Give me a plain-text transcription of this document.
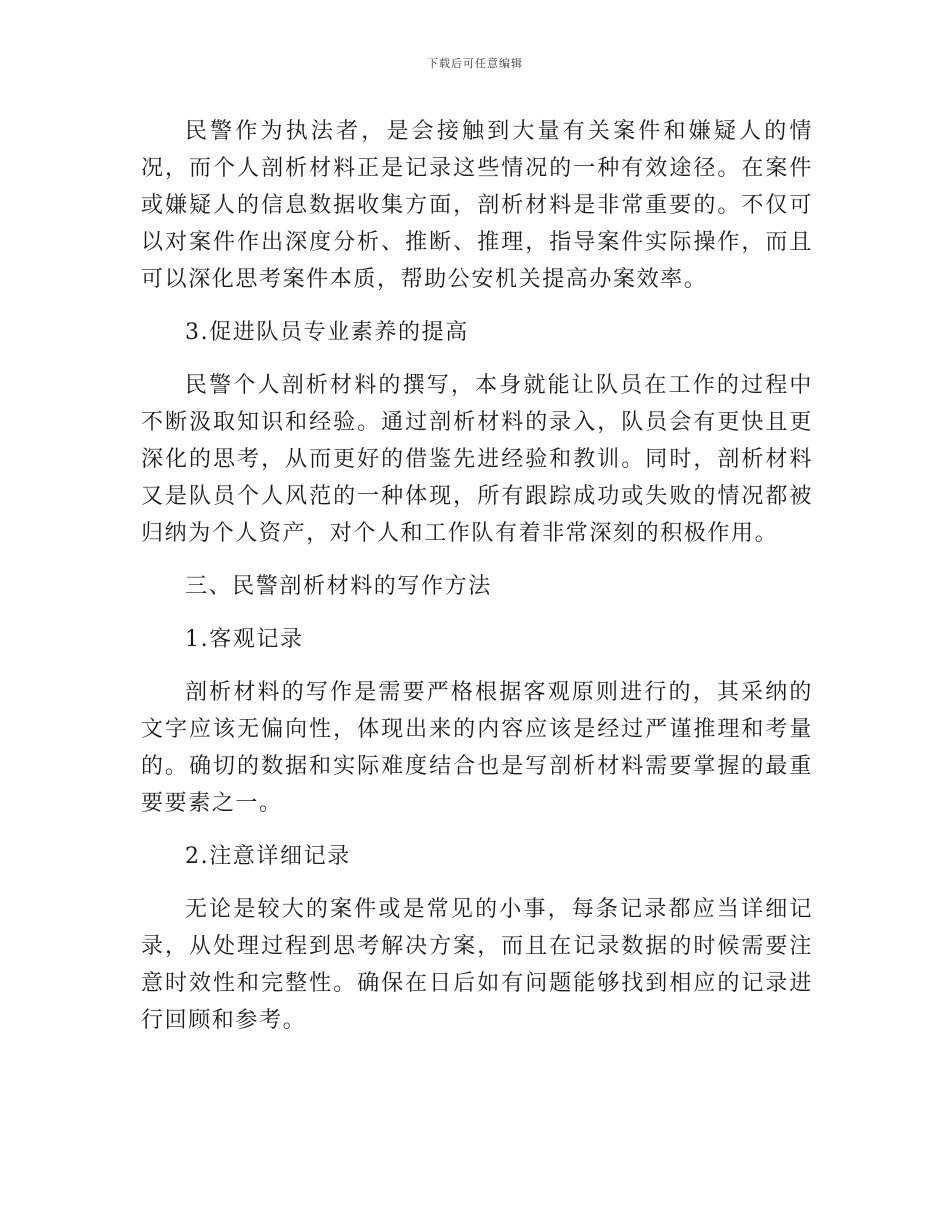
下载后可任意编辑

民警作为执法者，是会接触到大量有关案件和嫌疑人的情况，而个人剖析材料正是记录这些情况的一种有效途径。在案件或嫌疑人的信息数据收集方面，剖析材料是非常重要的。不仅可以对案件作出深度分析、推断、推理，指导案件实际操作，而且可以深化思考案件本质，帮助公安机关提高办案效率。

3.促进队员专业素养的提高

民警个人剖析材料的撰写，本身就能让队员在工作的过程中不断汲取知识和经验。通过剖析材料的录入，队员会有更快且更深化的思考，从而更好的借鉴先进经验和教训。同时，剖析材料又是队员个人风范的一种体现，所有跟踪成功或失败的情况都被归纳为个人资产，对个人和工作队有着非常深刻的积极作用。

三、民警剖析材料的写作方法

1.客观记录

剖析材料的写作是需要严格根据客观原则进行的，其采纳的文字应该无偏向性，体现出来的内容应该是经过严谨推理和考量的。确切的数据和实际难度结合也是写剖析材料需要掌握的最重要要素之一。

2.注意详细记录

无论是较大的案件或是常见的小事，每条记录都应当详细记录，从处理过程到思考解决方案，而且在记录数据的时候需要注意时效性和完整性。确保在日后如有问题能够找到相应的记录进行回顾和参考。
